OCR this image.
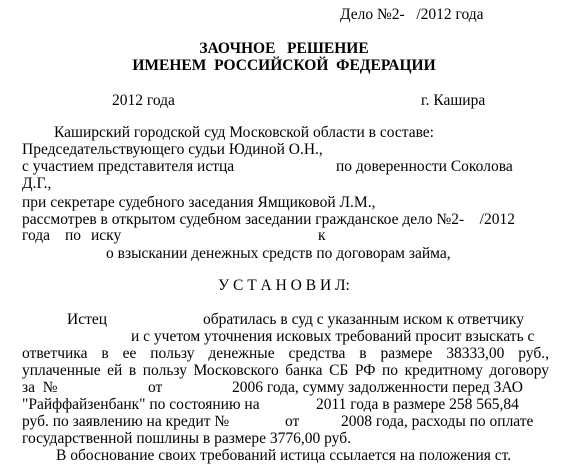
Дело №2-   /2012 года
ЗАОЧНОЕ   РЕШЕНИЕ
ИМЕНЕМ  РОССИЙСКОЙ  ФЕДЕРАЦИИ
2012 года	г. Кашира
Каширский городской суд Московской области в составе:
Председательствующего судьи Юдиной О.Н.,
с участием представителя истца	по доверенности Соколова
Д.Г.,
при секретаре судебного заседания Ямщиковой Л.М.,
рассмотрев в открытом судебном заседании гражданское дело №2-    /2012
года по иску	к
о взыскании денежных средств по договорам займа,
У С Т А Н О В И Л:
Истец	обратилась в суд с указанным иском к ответчику
и с учетом уточнения исковых требований просит взыскать с
ответчика в ее пользу денежные средства в размере 38333,00 руб.,
уплаченные ей в пользу Московского банка СБ РФ по кредитному договору
за  №	от	2006 года, сумму задолженности перед ЗАО
"Райффайзенбанк" по состоянию на	2011 года в размере 258 565,84
руб. по заявлению на кредит №	от	2008 года, расходы по оплате
государственной пошлины в размере 3776,00 руб.
В обоснование своих требований истица ссылается на положения ст.
